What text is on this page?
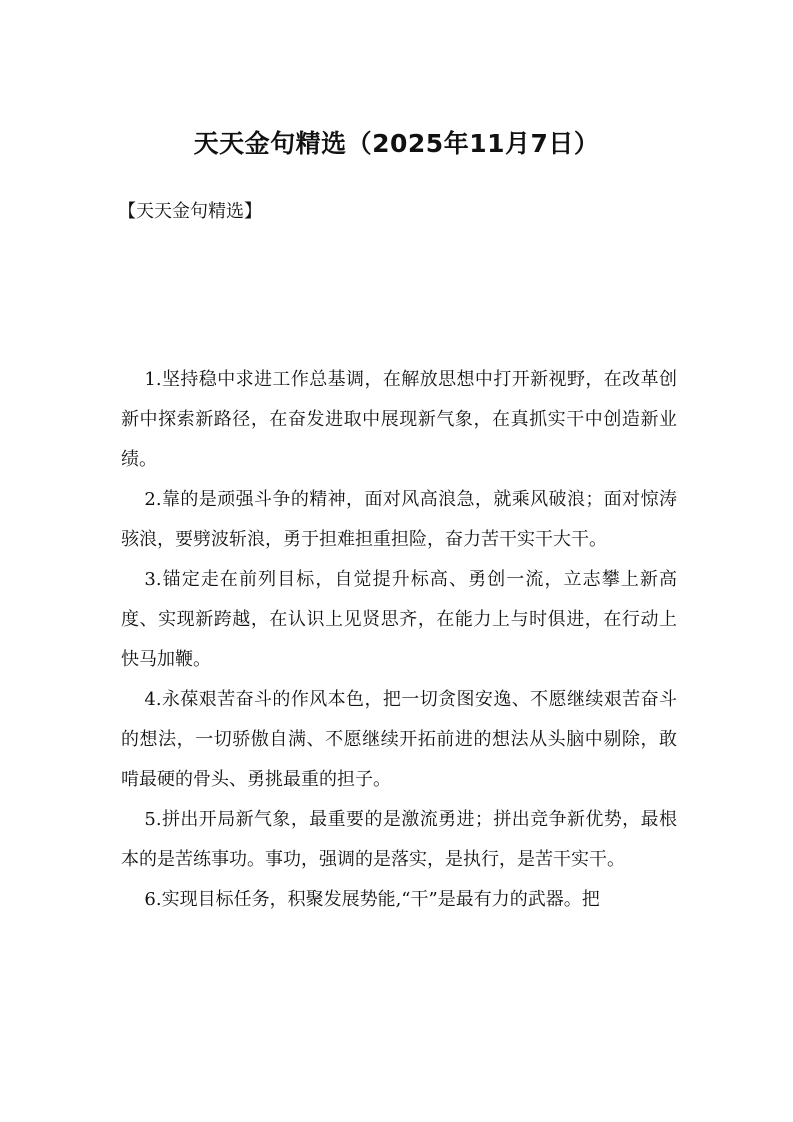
天天金句精选（2025年11月7日）
【天天金句精选】

1.坚持稳中求进工作总基调，在解放思想中打开新视野，在改革创新中探索新路径，在奋发进取中展现新气象，在真抓实干中创造新业绩。

2.靠的是顽强斗争的精神，面对风高浪急，就乘风破浪；面对惊涛骇浪，要劈波斩浪，勇于担难担重担险，奋力苦干实干大干。

3.锚定走在前列目标，自觉提升标高、勇创一流，立志攀上新高度、实现新跨越，在认识上见贤思齐，在能力上与时俱进，在行动上快马加鞭。

4.永葆艰苦奋斗的作风本色，把一切贪图安逸、不愿继续艰苦奋斗的想法，一切骄傲自满、不愿继续开拓前进的想法从头脑中剔除，敢啃最硬的骨头、勇挑最重的担子。

5.拼出开局新气象，最重要的是激流勇进；拼出竞争新优势，最根本的是苦练事功。事功，强调的是落实，是执行，是苦干实干。

6.实现目标任务，积聚发展势能,“干”是最有力的武器。把
